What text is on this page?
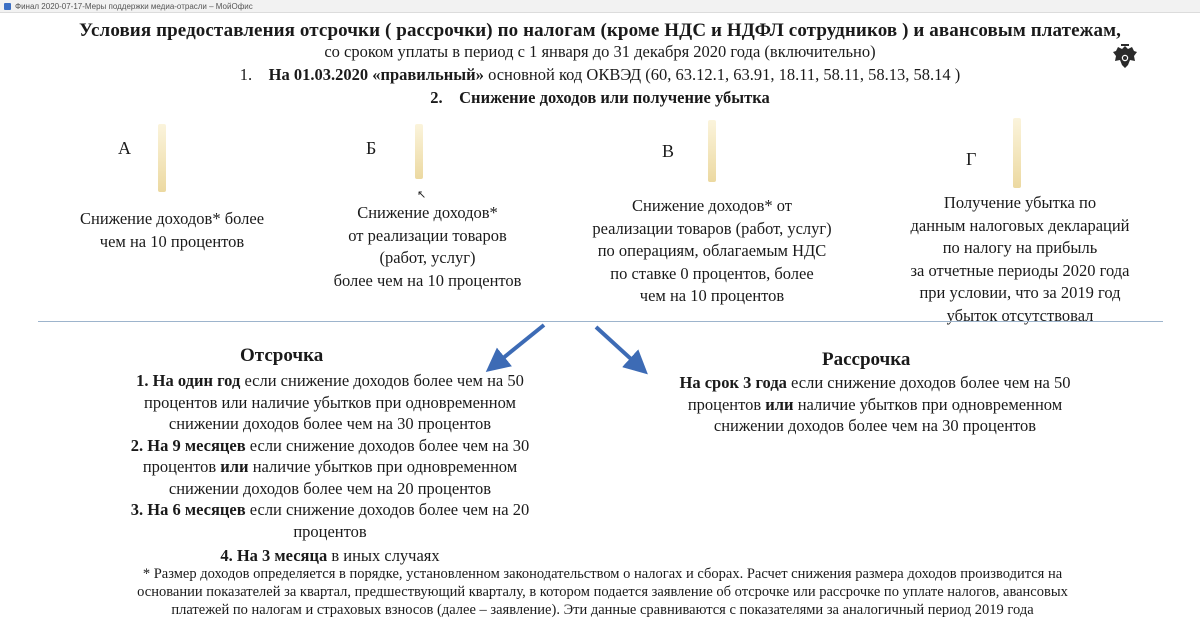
Финал 2020-07-17-Меры поддержки медиа-отрасли – МойОфис
Условия предоставления отсрочки ( рассрочки) по налогам (кроме НДС и НДФЛ сотрудников ) и авансовым платежам,
со сроком уплаты в период с 1 января до 31 декабря 2020 года (включительно)
1. На 01.03.2020 «правильный» основной код ОКВЭД (60, 63.12.1, 63.91, 18.11, 58.11, 58.13, 58.14 )
2. Снижение доходов или получение убытка
А
Снижение доходов* более
чем на 10 процентов
Б
Снижение доходов*
от реализации товаров
(работ, услуг)
более чем на 10 процентов
↖
В
Снижение доходов* от
реализации товаров (работ, услуг)
по операциям, облагаемым НДС
по ставке 0 процентов, более
чем на 10 процентов
Г
Получение убытка по
данным налоговых деклараций
по налогу на прибыль
за отчетные периоды 2020 года
при условии, что за 2019 год
убыток отсутствовал
Отсрочка
1. На один год если снижение доходов более чем на 50
процентов или наличие убытков при одновременном
снижении доходов более чем на 30 процентов
2. На 9 месяцев если снижение доходов более чем на 30
процентов или наличие убытков при одновременном
снижении доходов более чем на 20 процентов
3. На 6 месяцев если снижение доходов более чем на 20
процентов
4. На 3 месяца в иных случаях
Рассрочка
На срок 3 года если снижение доходов более чем на 50
процентов или наличие убытков при одновременном
снижении доходов более чем на 30 процентов
* Размер доходов определяется в порядке, установленном законодательством о налогах и сборах. Расчет снижения размера доходов производится на
основании показателей за квартал, предшествующий кварталу, в котором подается заявление об отсрочке или рассрочке по уплате налогов, авансовых
платежей по налогам и страховых взносов (далее – заявление). Эти данные сравниваются с показателями за аналогичный период 2019 года
